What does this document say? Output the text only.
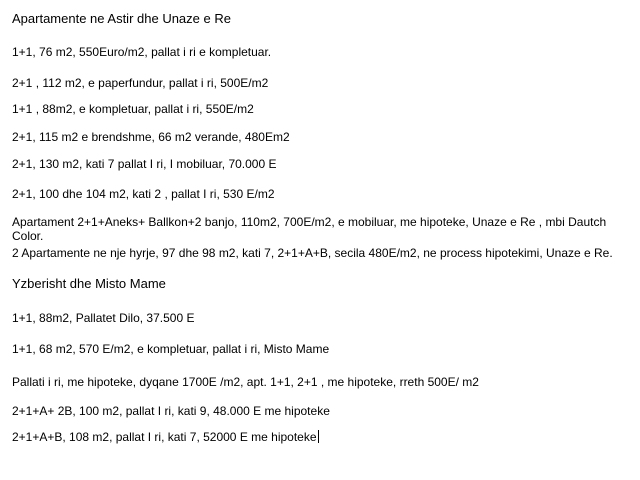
Apartamente ne Astir dhe Unaze e Re
1+1, 76 m2, 550Euro/m2, pallat i ri e kompletuar.
2+1 , 112 m2, e paperfundur, pallat i ri, 500E/m2
1+1 , 88m2, e kompletuar, pallat i ri, 550E/m2
2+1, 115 m2 e brendshme, 66 m2 verande, 480Em2
2+1, 130 m2, kati 7 pallat I ri, I mobiluar, 70.000 E
2+1, 100 dhe 104 m2, kati 2 , pallat I ri, 530 E/m2
Apartament 2+1+Aneks+ Ballkon+2 banjo, 110m2, 700E/m2, e mobiluar, me hipoteke, Unaze e Re , mbi Dautch Color.
2 Apartamente ne nje hyrje, 97 dhe 98 m2, kati 7, 2+1+A+B, secila 480E/m2, ne process hipotekimi, Unaze e Re.
Yzberisht dhe Misto Mame
1+1, 88m2, Pallatet Dilo, 37.500 E
1+1, 68 m2, 570 E/m2, e kompletuar, pallat i ri, Misto Mame
Pallati i ri, me hipoteke, dyqane 1700E /m2, apt. 1+1, 2+1 , me hipoteke, rreth 500E/ m2
2+1+A+ 2B, 100 m2, pallat I ri, kati 9, 48.000 E me hipoteke
2+1+A+B, 108 m2, pallat I ri, kati 7, 52000 E me hipoteke
